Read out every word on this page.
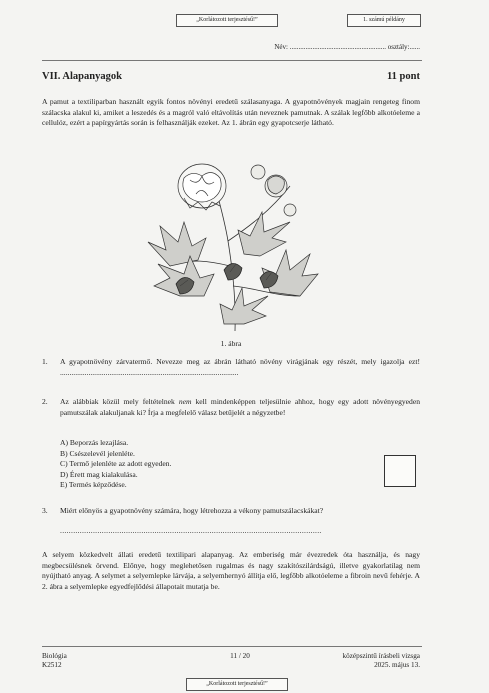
„Korlátozott terjesztésű!”	1. számú példány
Név: ....................................................... osztály:......
VII. Alapanyagok	11 pont
A pamut a textiliparban használt egyik fontos növényi eredetű szálasanyaga. A gyapotnövények magjain rengeteg finom szálacska alakul ki, amiket a leszedés és a magról való eltávolítás után neveznek pamutnak. A szálak legfőbb alkotóeleme a cellulóz, ezért a papírgyártás során is felhasználják ezeket. Az 1. ábrán egy gyapotcserje látható.
1. ábra
1. A gyapotnövény zárvatermő. Nevezze meg az ábrán látható növény virágjának egy részét, mely igazolja ezt! ..............................................................................................
2. Az alábbiak közül mely feltételnek nem kell mindenképpen teljesülnie ahhoz, hogy egy adott növényegyeden pamutszálak alakuljanak ki? Írja a megfelelő válasz betűjelét a négyzetbe!
A) Beporzás lezajlása.
B) Csészelevél jelenléte.
C) Termő jelenléte az adott egyeden.
D) Érett mag kialakulása.
E) Termés képződése.
3. Miért előnyös a gyapotnövény számára, hogy létrehozza a vékony pamutszálacskákat?
.......................................................................................................................
A selyem közkedvelt állati eredetű textilipari alapanyag. Az emberiség már évezredek óta használja, és nagy megbecsülésnek örvend. Előnye, hogy meglehetősen rugalmas és nagy szakítószilárdságú, illetve gyakorlatilag nem nyújtható anyag. A selymet a selyemlepke lárvája, a selyemhernyó állítja elő, legfőbb alkotóeleme a fibroin nevű fehérje. A 2. ábra a selyemlepke egyedfejlődési állapotait mutatja be.
Biológia
K2512
11 / 20	középszintű írásbeli vizsga
2025. május 13.
„Korlátozott terjesztésű!”
